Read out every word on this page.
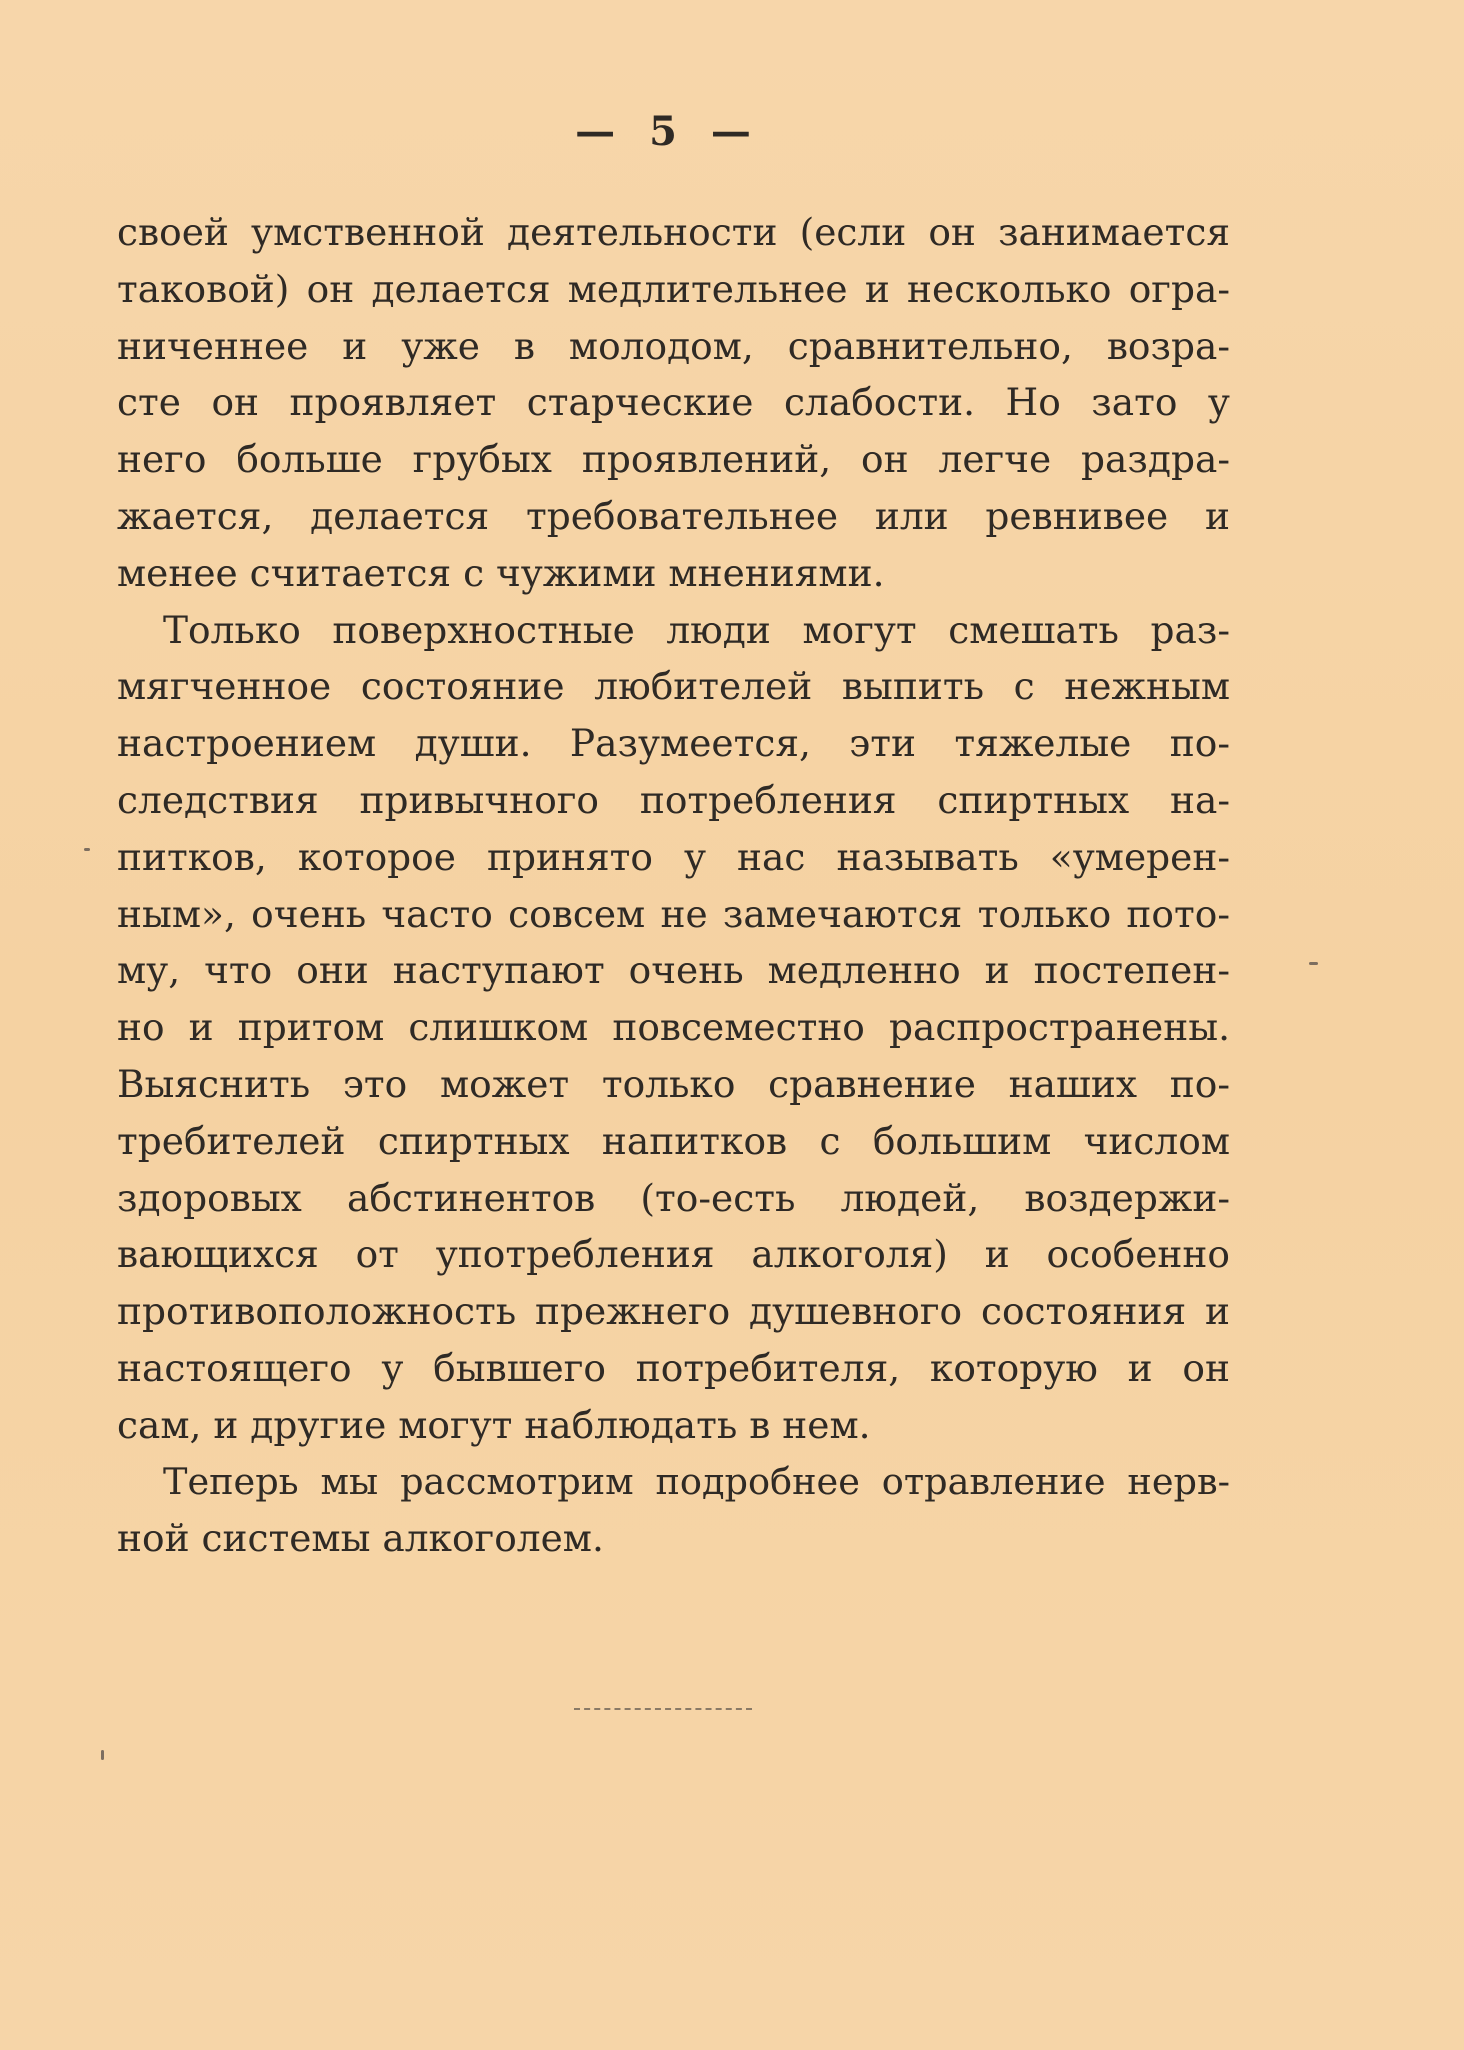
— 5 —
своей умственной деятельности (если он занимается
таковой) он делается медлительнее и несколько огра-
ниченнее и уже в молодом, сравнительно, возра-
сте он проявляет старческие слабости. Но зато у
него больше грубых проявлений, он легче раздра-
жается, делается требовательнее или ревнивее и
менее считается с чужими мнениями.
Только поверхностные люди могут смешать раз-
мягченное состояние любителей выпить с нежным
настроением души. Разумеется, эти тяжелые по-
следствия привычного потребления спиртных на-
питков, которое принято у нас называть «умерен-
ным», очень часто совсем не замечаются только пото-
му, что они наступают очень медленно и постепен-
но и притом слишком повсеместно распространены.
Выяснить это может только сравнение наших по-
требителей спиртных напитков с большим числом
здоровых абстинентов (то-есть людей, воздержи-
вающихся от употребления алкоголя) и особенно
противоположность прежнего душевного состояния и
настоящего у бывшего потребителя, которую и он
сам, и другие могут наблюдать в нем.
Теперь мы рассмотрим подробнее отравление нерв-
ной системы алкоголем.
